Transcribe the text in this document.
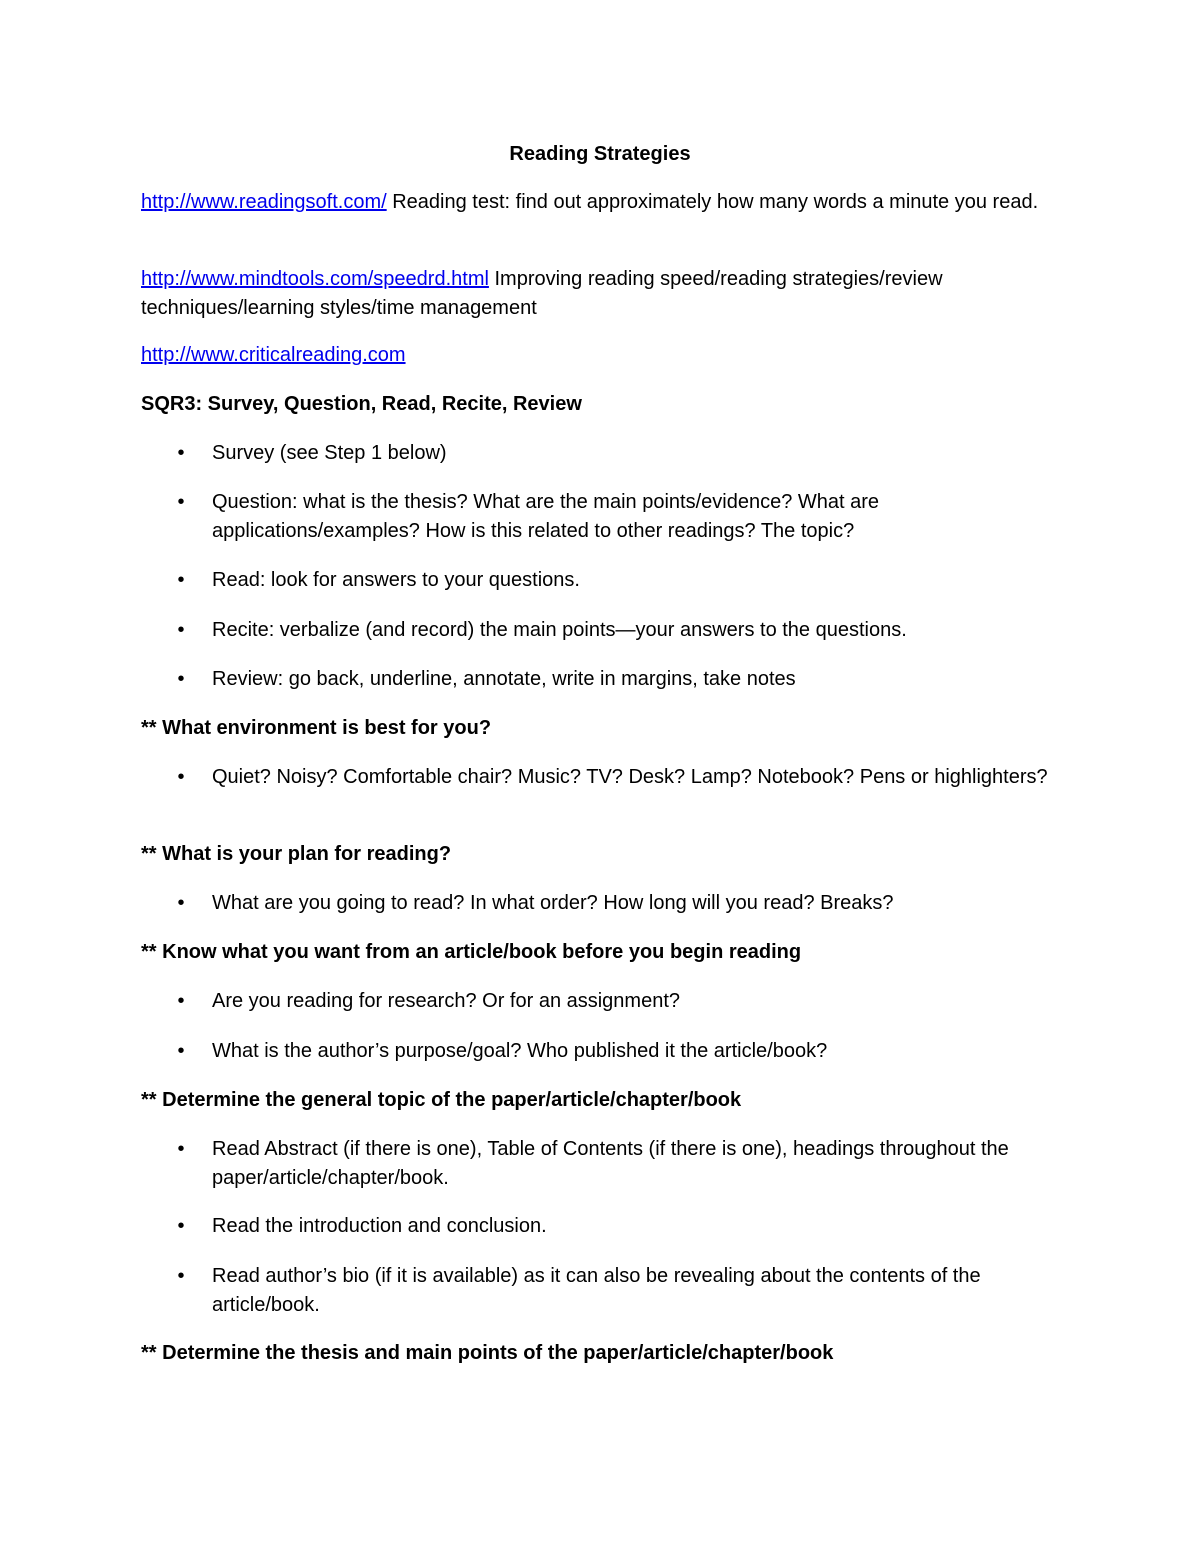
Reading Strategies
http://www.readingsoft.com/ Reading test: find out approximately how many words a minute you read.
http://www.mindtools.com/speedrd.html Improving reading speed/reading strategies/review techniques/learning styles/time management
http://www.criticalreading.com
SQR3: Survey, Question, Read, Recite, Review
• Survey (see Step 1 below)
• Question: what is the thesis? What are the main points/evidence? What are applications/examples? How is this related to other readings? The topic?
• Read: look for answers to your questions.
• Recite: verbalize (and record) the main points—your answers to the questions.
• Review: go back, underline, annotate, write in margins, take notes
** What environment is best for you?
• Quiet? Noisy? Comfortable chair? Music? TV? Desk? Lamp? Notebook? Pens or highlighters?
** What is your plan for reading?
• What are you going to read? In what order? How long will you read? Breaks?
** Know what you want from an article/book before you begin reading
• Are you reading for research? Or for an assignment?
• What is the author’s purpose/goal? Who published it the article/book?
** Determine the general topic of the paper/article/chapter/book
• Read Abstract (if there is one), Table of Contents (if there is one), headings throughout the paper/article/chapter/book.
• Read the introduction and conclusion.
• Read author’s bio (if it is available) as it can also be revealing about the contents of the article/book.
** Determine the thesis and main points of the paper/article/chapter/book
